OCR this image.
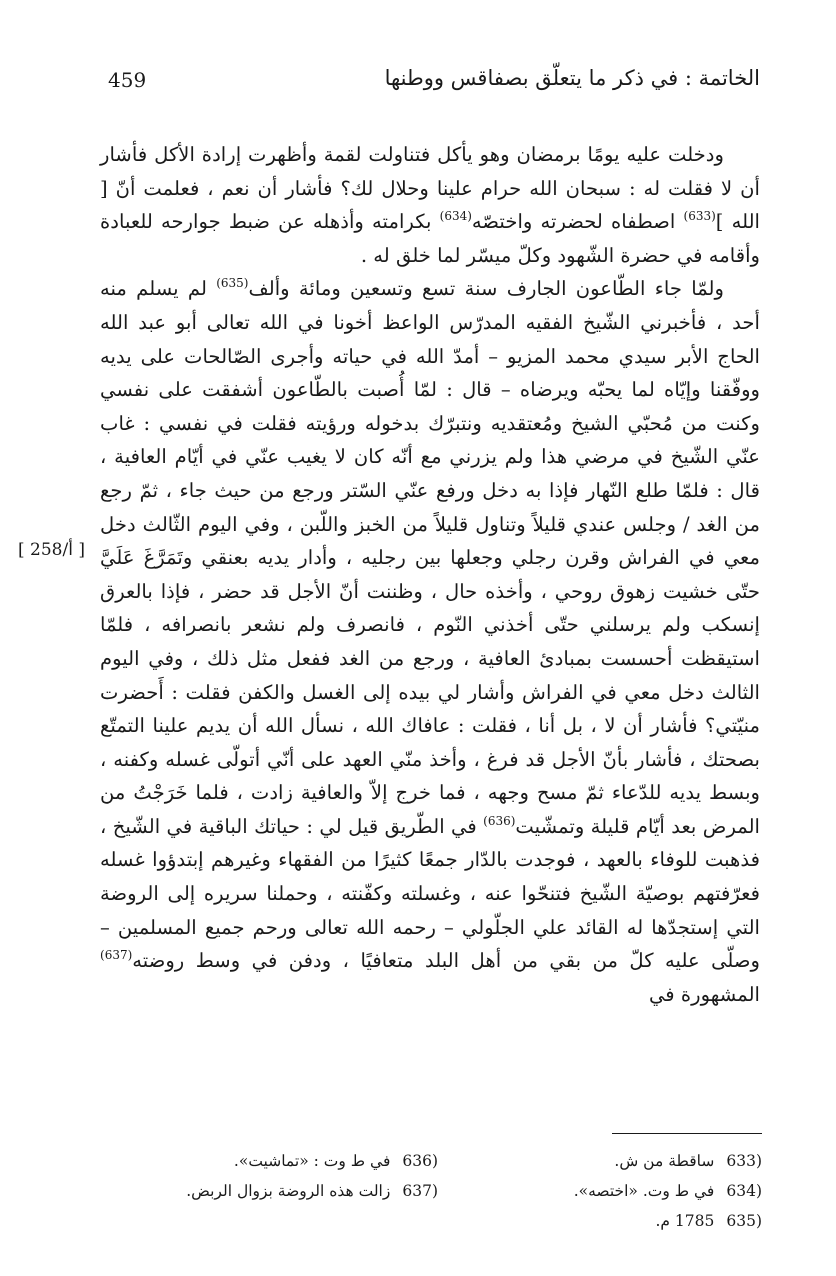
459	الخاتمة : في ذكر ما يتعلّق بصفاقس ووطنها
[ 258/أ ]

ودخلت عليه يومًا برمضان وهو يأكل فتناولت لقمة وأظهرت إرادة الأكل فأشار أن لا فقلت له : سبحان الله حرام علينا وحلال لك؟ فأشار أن نعم ، فعلمت أنّ [ الله ]$^{(633)}$ اصطفاه لحضرته واختصّه$^{(634)}$ بكرامته وأذهله عن ضبط جوارحه للعبادة وأقامه في حضرة الشّهود وكلّ ميسّر لما خلق له .

ولمّا جاء الطّاعون الجارف سنة تسع وتسعين ومائة وألف$^{(635)}$ لم يسلم منه أحد ، فأخبرني الشّيخ الفقيه المدرّس الواعظ أخونا في الله تعالى أبو عبد الله الحاج الأبر سيدي محمد المزيو – أمدّ الله في حياته وأجرى الصّالحات على يديه ووفّقنا وإيّاه لما يحبّه ويرضاه – قال : لمّا أُصبت بالطّاعون أشفقت على نفسي وكنت من مُحبّي الشيخ ومُعتقديه ونتبرّك بدخوله ورؤيته فقلت في نفسي : غاب عنّي الشّيخ في مرضي هذا ولم يزرني مع أنّه كان لا يغيب عنّي في أيّام العافية ، قال : فلمّا طلع النّهار فإذا به دخل ورفع عنّي السّتر ورجع من حيث جاء ، ثمّ رجع من الغد / وجلس عندي قليلاً وتناول قليلاً من الخبز واللّبن ، وفي اليوم الثّالث دخل معي في الفراش وقرن رجلي وجعلها بين رجليه ، وأدار يديه بعنقي وتَمَرَّغَ عَلَيَّ حتّى خشيت زهوق روحي ، وأخذه حال ، وظننت أنّ الأجل قد حضر ، فإذا بالعرق إنسكب ولم يرسلني حتّى أخذني النّوم ، فانصرف ولم نشعر بانصرافه ، فلمّا استيقظت أحسست بمبادئ العافية ، ورجع من الغد ففعل مثل ذلك ، وفي اليوم الثالث دخل معي في الفراش وأشار لي بيده إلى الغسل والكفن فقلت : أَحضرت منيّتي؟ فأشار أن لا ، بل أنا ، فقلت : عافاك الله ، نسأل الله أن يديم علينا التمتّع بصحتك ، فأشار بأنّ الأجل قد فرغ ، وأخذ منّي العهد على أنّي أتولّى غسله وكفنه ، وبسط يديه للدّعاء ثمّ مسح وجهه ، فما خرج إلاّ والعافية زادت ، فلما خَرَجْتُ من المرض بعد أيّام قليلة وتمشّيت$^{(636)}$ في الطّريق قيل لي : حياتك الباقية في الشّيخ ، فذهبت للوفاء بالعهد ، فوجدت بالدّار جمعًا كثيرًا من الفقهاء وغيرهم إبتدؤوا غسله فعرّفتهم بوصيّة الشّيخ فتنحّوا عنه ، وغسلته وكفّنته ، وحملنا سريره إلى الروضة التي إستجدّها له القائد علي الجلّولي – رحمه الله تعالى ورحم جميع المسلمين – وصلّى عليه كلّ من بقي من أهل البلد متعافيًا ، ودفن في وسط روضته$^{(637)}$ المشهورة في

633)
ساقطة من ش.
634)
في ط وت. «اختصه».
635)
1785 م.
636)
في ط وت : «تماشيت».
637)
زالت هذه الروضة بزوال الربض.
